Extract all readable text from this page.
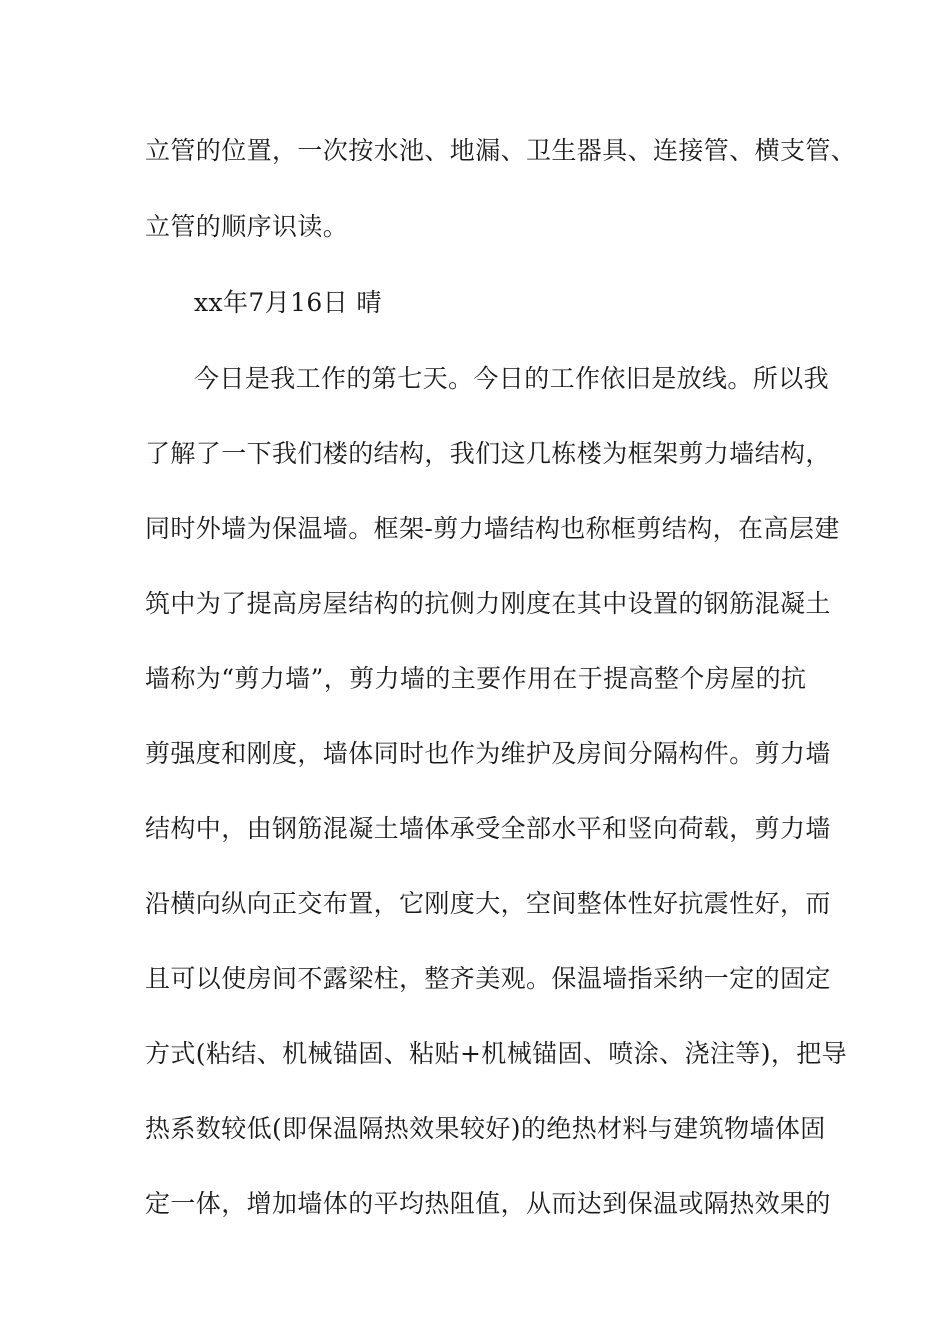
立管的位置，一次按水池、地漏、卫生器具、连接管、横支管、
立管的顺序识读。
xx年7月16日 晴
今日是我工作的第七天。今日的工作依旧是放线。所以我
了解了一下我们楼的结构，我们这几栋楼为框架剪力墙结构，
同时外墙为保温墙。框架-剪力墙结构也称框剪结构，在高层建
筑中为了提高房屋结构的抗侧力刚度在其中设置的钢筋混凝土
墙称为“剪力墙”，剪力墙的主要作用在于提高整个房屋的抗
剪强度和刚度，墙体同时也作为维护及房间分隔构件。剪力墙
结构中，由钢筋混凝土墙体承受全部水平和竖向荷载，剪力墙
沿横向纵向正交布置，它刚度大，空间整体性好抗震性好，而
且可以使房间不露梁柱，整齐美观。保温墙指采纳一定的固定
方式(粘结、机械锚固、粘贴+机械锚固、喷涂、浇注等)，把导
热系数较低(即保温隔热效果较好)的绝热材料与建筑物墙体固
定一体，增加墙体的平均热阻值，从而达到保温或隔热效果的
